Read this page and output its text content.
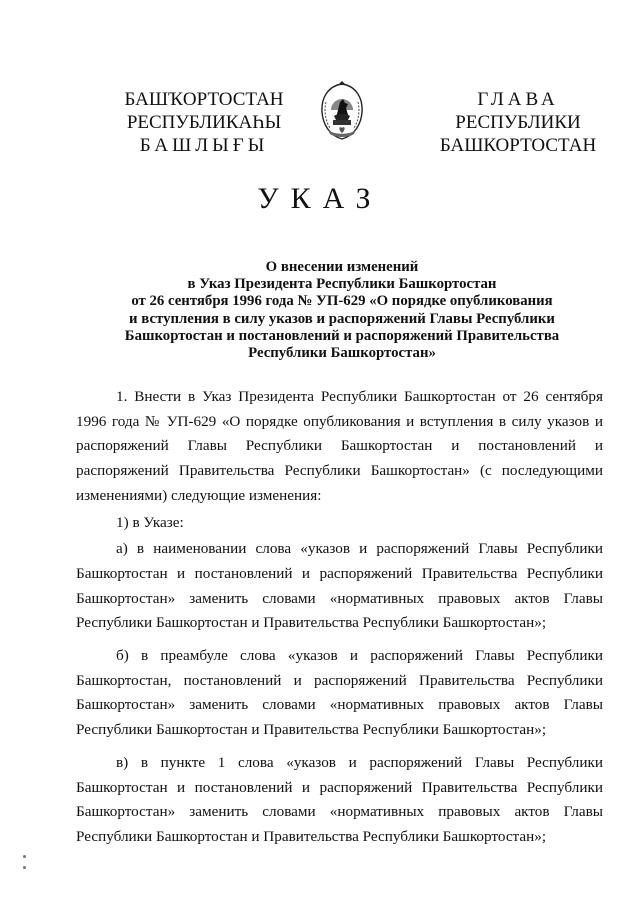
БАШҠОРТОСТАН
РЕСПУБЛИКАҺЫ
БАШЛЫҒЫ
ГЛАВА
РЕСПУБЛИКИ
БАШКОРТОСТАН
УКАЗ
О внесении изменений
в Указ Президента Республики Башкортостан
от 26 сентября 1996 года № УП-629 «О порядке опубликования
и вступления в силу указов и распоряжений Главы Республики
Башкортостан и постановлений и распоряжений Правительства
Республики Башкортостан»

1. Внести в Указ Президента Республики Башкортостан от 26 сентября 1996 года № УП-629 «О порядке опубликования и вступления в силу указов и распоряжений Главы Республики Башкортостан и постановлений и распоряжений Правительства Республики Башкортостан» (с последующими изменениями) следующие изменения:

1) в Указе:

а) в наименовании слова «указов и распоряжений Главы Республики Башкортостан и постановлений и распоряжений Правительства Республики Башкортостан» заменить словами «нормативных правовых актов Главы Республики Башкортостан и Правительства Республики Башкортостан»;

б) в преамбуле слова «указов и распоряжений Главы Республики Башкортостан, постановлений и распоряжений Правительства Республики Башкортостан» заменить словами «нормативных правовых актов Главы Республики Башкортостан и Правительства Республики Башкортостан»;

в) в пункте 1 слова «указов и распоряжений Главы Республики Башкортостан и постановлений и распоряжений Правительства Республики Башкортостан» заменить словами «нормативных правовых актов Главы Республики Башкортостан и Правительства Республики Башкортостан»;
